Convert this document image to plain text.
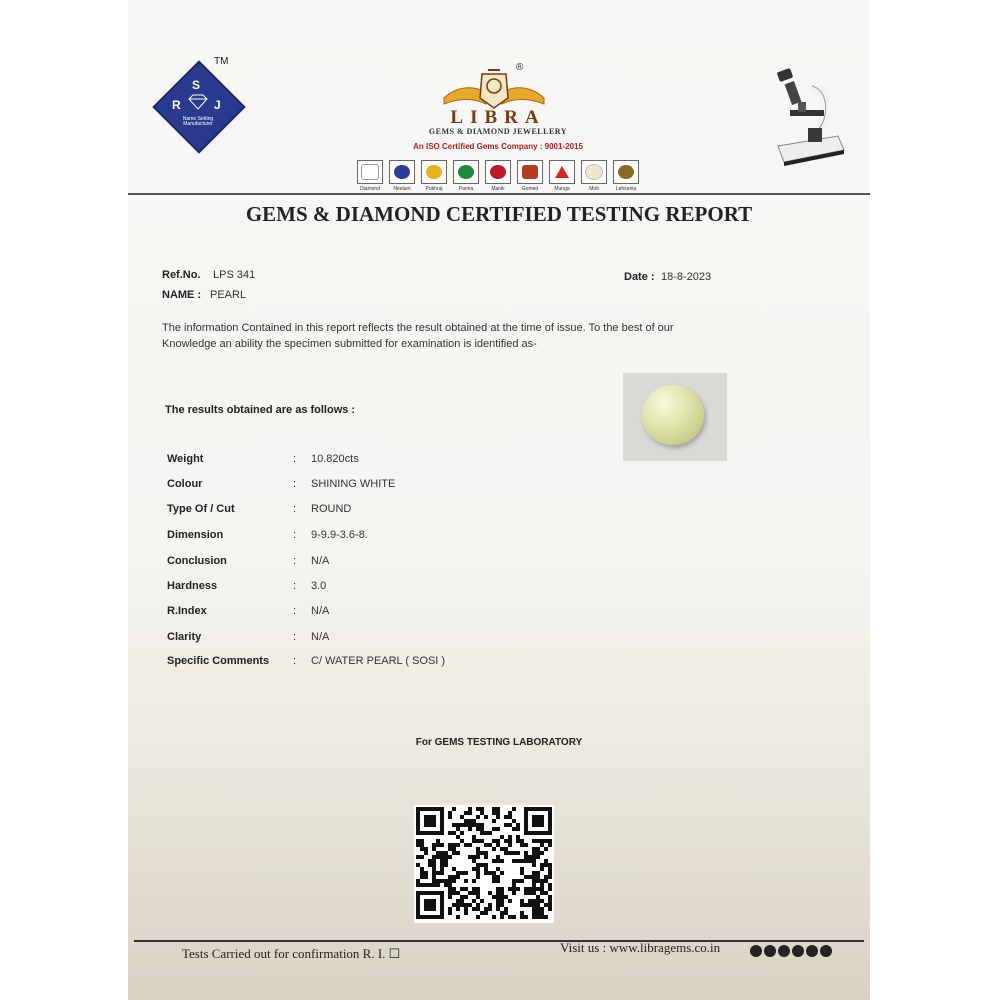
S
R	J
Name Setting Manufacturer
TM
®
LIBRA
GEMS & DIAMOND JEWELLERY
An ISO Certified Gems Company : 9001-2015
Diamond	Neelam	Pukhraj	Panna	Manik	Gomed	Munga	Moti	Lehsunia
GEMS & DIAMOND CERTIFIED TESTING REPORT
Ref.No. LPS 341
NAME : PEARL
Date : 18-8-2023
The information Contained in this report reflects the result obtained at the time of issue. To the best of our
Knowledge an ability the specimen submitted for examination is identified as-
The results obtained are as follows :
Weight	: 10.820cts
Colour	: SHINING WHITE
Type Of / Cut	: ROUND
Dimension	: 9-9.9-3.6-8.
Conclusion	: N/A
Hardness	: 3.0
R.Index	: N/A
Clarity	: N/A
Specific Comments : C/ WATER PEARL ( SOSI )
For GEMS TESTING LABORATORY
Tests Carried out for confirmation R. I. ☐	Visit us : www.libragems.co.in
